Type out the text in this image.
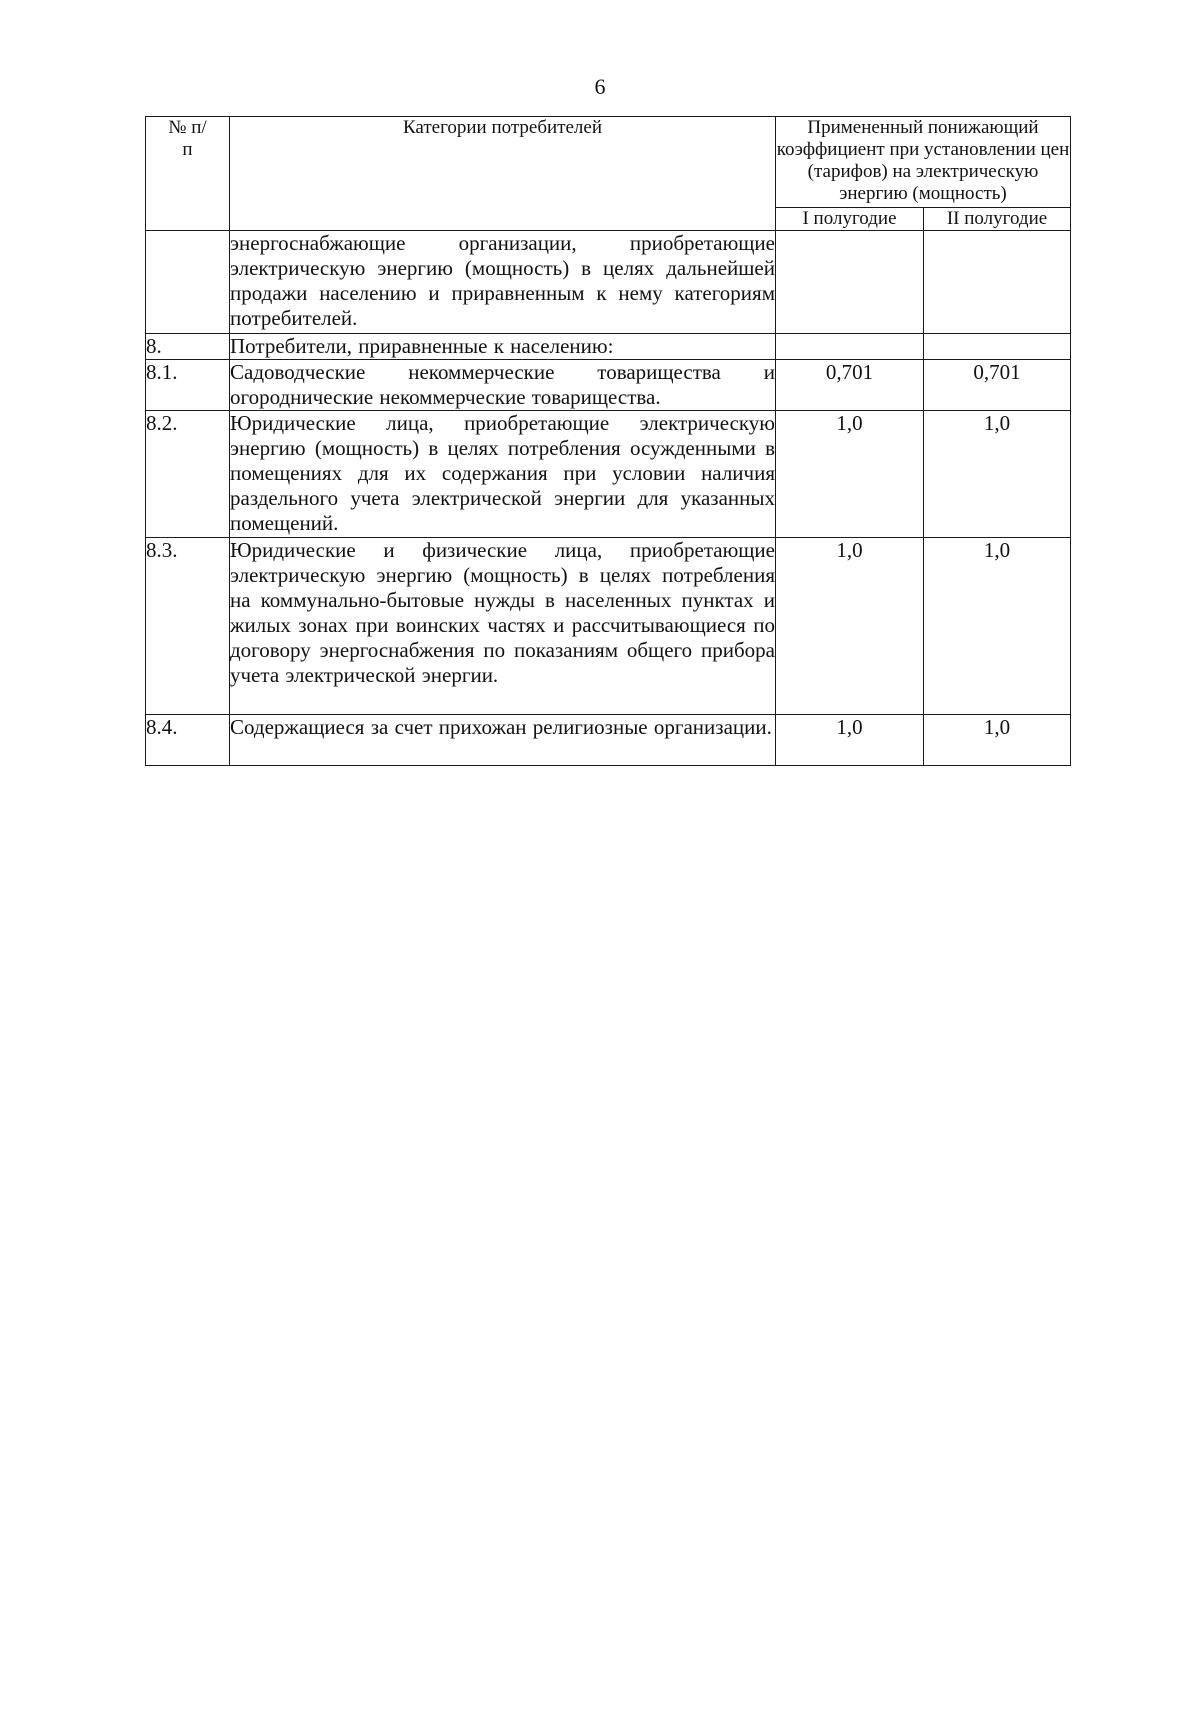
6
№ п/п	Категории потребителей	Примененный понижающий коэффициент при установлении цен (тарифов) на электрическую энергию (мощность)	
		I полугодие	II полугодие
	энергоснабжающие организации, приобретающие электрическую энергию (мощность) в целях дальнейшей продажи населению и приравненным к нему категориям потребителей.		
8.	Потребители, приравненные к населению:		
8.1.	Садоводческие некоммерческие товарищества и огороднические некоммерческие товарищества.	0,701	0,701
8.2.	Юридические лица, приобретающие электрическую энергию (мощность) в целях потребления осужденными в помещениях для их содержания при условии наличия раздельного учета электрической энергии для указанных помещений.	1,0	1,0
8.3.	Юридические и физические лица, приобретающие электрическую энергию (мощность) в целях потребления на коммунально-бытовые нужды в населенных пунктах и жилых зонах при воинских частях и рассчитывающиеся по договору энергоснабжения по показаниям общего прибора учета электрической энергии.	1,0	1,0
8.4.	Содержащиеся за счет прихожан религиозные организации.	1,0	1,0
